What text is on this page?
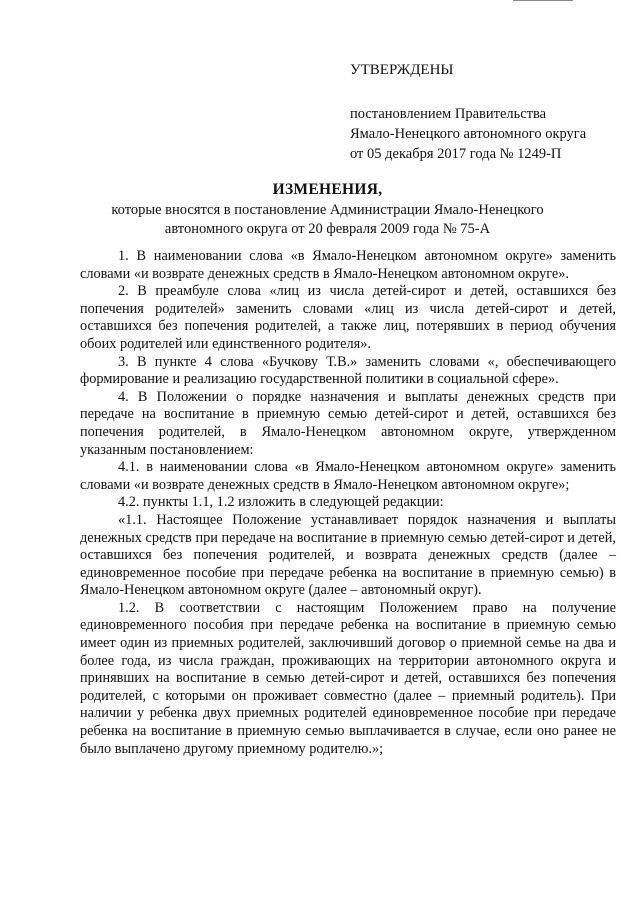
УТВЕРЖДЕНЫ

постановлением Правительства

Ямало-Ненецкого автономного округа

от 05 декабря 2017 года № 1249-П

ИЗМЕНЕНИЯ,

которые вносятся в постановление Администрации Ямало-Ненецкого

автономного округа от 20 февраля 2009 года № 75-А

1. В наименовании слова «в Ямало-Ненецком автономном округе» заменить словами «и возврате денежных средств в Ямало-Ненецком автономном округе».

2. В преамбуле слова «лиц из числа детей-сирот и детей, оставшихся без попечения родителей» заменить словами «лиц из числа детей-сирот и детей, оставшихся без попечения родителей, а также лиц, потерявших в период обучения обоих родителей или единственного родителя».

3. В пункте 4 слова «Бучкову Т.В.» заменить словами «, обеспечивающего формирование и реализацию государственной политики в социальной сфере».

4. В Положении о порядке назначения и выплаты денежных средств при передаче на воспитание в приемную семью детей-сирот и детей, оставшихся без попечения родителей, в Ямало-Ненецком автономном округе, утвержденном указанным постановлением:

4.1. в наименовании слова «в Ямало-Ненецком автономном округе» заменить словами «и возврате денежных средств в Ямало-Ненецком автономном округе»;

4.2. пункты 1.1, 1.2 изложить в следующей редакции:

«1.1. Настоящее Положение устанавливает порядок назначения и выплаты денежных средств при передаче на воспитание в приемную семью детей-сирот и детей, оставшихся без попечения родителей, и возврата денежных средств (далее – единовременное пособие при передаче ребенка на воспитание в приемную семью) в Ямало-Ненецком автономном округе (далее – автономный округ).

1.2. В соответствии с настоящим Положением право на получение единовременного пособия при передаче ребенка на воспитание в приемную семью имеет один из приемных родителей, заключивший договор о приемной семье на два и более года, из числа граждан, проживающих на территории автономного округа и принявших на воспитание в семью детей-сирот и детей, оставшихся без попечения родителей, с которыми он проживает совместно (далее – приемный родитель). При наличии у ребенка двух приемных родителей единовременное пособие при передаче ребенка на воспитание в приемную семью выплачивается в случае, если оно ранее не было выплачено другому приемному родителю.»;
